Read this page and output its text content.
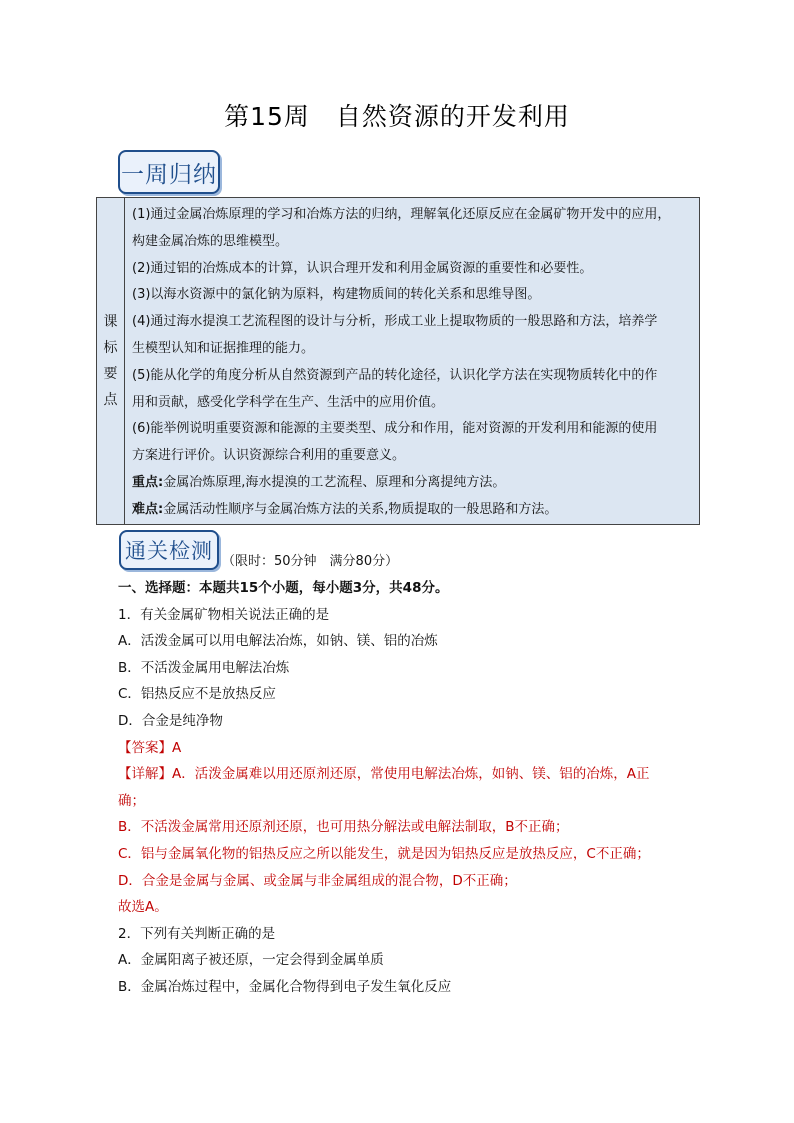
第15周　自然资源的开发利用
一周归纳
课
标
要
点

(1)通过金属冶炼原理的学习和冶炼方法的归纳，理解氧化还原反应在金属矿物开发中的应用，

构建金属冶炼的思维模型。

(2)通过铝的冶炼成本的计算，认识合理开发和利用金属资源的重要性和必要性。

(3)以海水资源中的氯化钠为原料，构建物质间的转化关系和思维导图。

(4)通过海水提溴工艺流程图的设计与分析，形成工业上提取物质的一般思路和方法，培养学

生模型认知和证据推理的能力。

(5)能从化学的角度分析从自然资源到产品的转化途径，认识化学方法在实现物质转化中的作

用和贡献，感受化学科学在生产、生活中的应用价值。

(6)能举例说明重要资源和能源的主要类型、成分和作用，能对资源的开发利用和能源的使用

方案进行评价。认识资源综合利用的重要意义。

重点:金属冶炼原理,海水提溴的工艺流程、原理和分离提纯方法。

难点:金属活动性顺序与金属冶炼方法的关系,物质提取的一般思路和方法。

通关检测 （限时：50分钟　满分80分）

一、选择题：本题共15个小题，每小题3分，共48分。

1．有关金属矿物相关说法正确的是

A．活泼金属可以用电解法冶炼，如钠、镁、铝的冶炼

B．不活泼金属用电解法冶炼

C．铝热反应不是放热反应

D．合金是纯净物

【答案】A

【详解】A．活泼金属难以用还原剂还原，常使用电解法冶炼，如钠、镁、铝的冶炼，A正

确；

B．不活泼金属常用还原剂还原，也可用热分解法或电解法制取，B不正确；

C．铝与金属氧化物的铝热反应之所以能发生，就是因为铝热反应是放热反应，C不正确；

D．合金是金属与金属、或金属与非金属组成的混合物，D不正确；

故选A。

2．下列有关判断正确的是

A．金属阳离子被还原，一定会得到金属单质

B．金属冶炼过程中，金属化合物得到电子发生氧化反应
